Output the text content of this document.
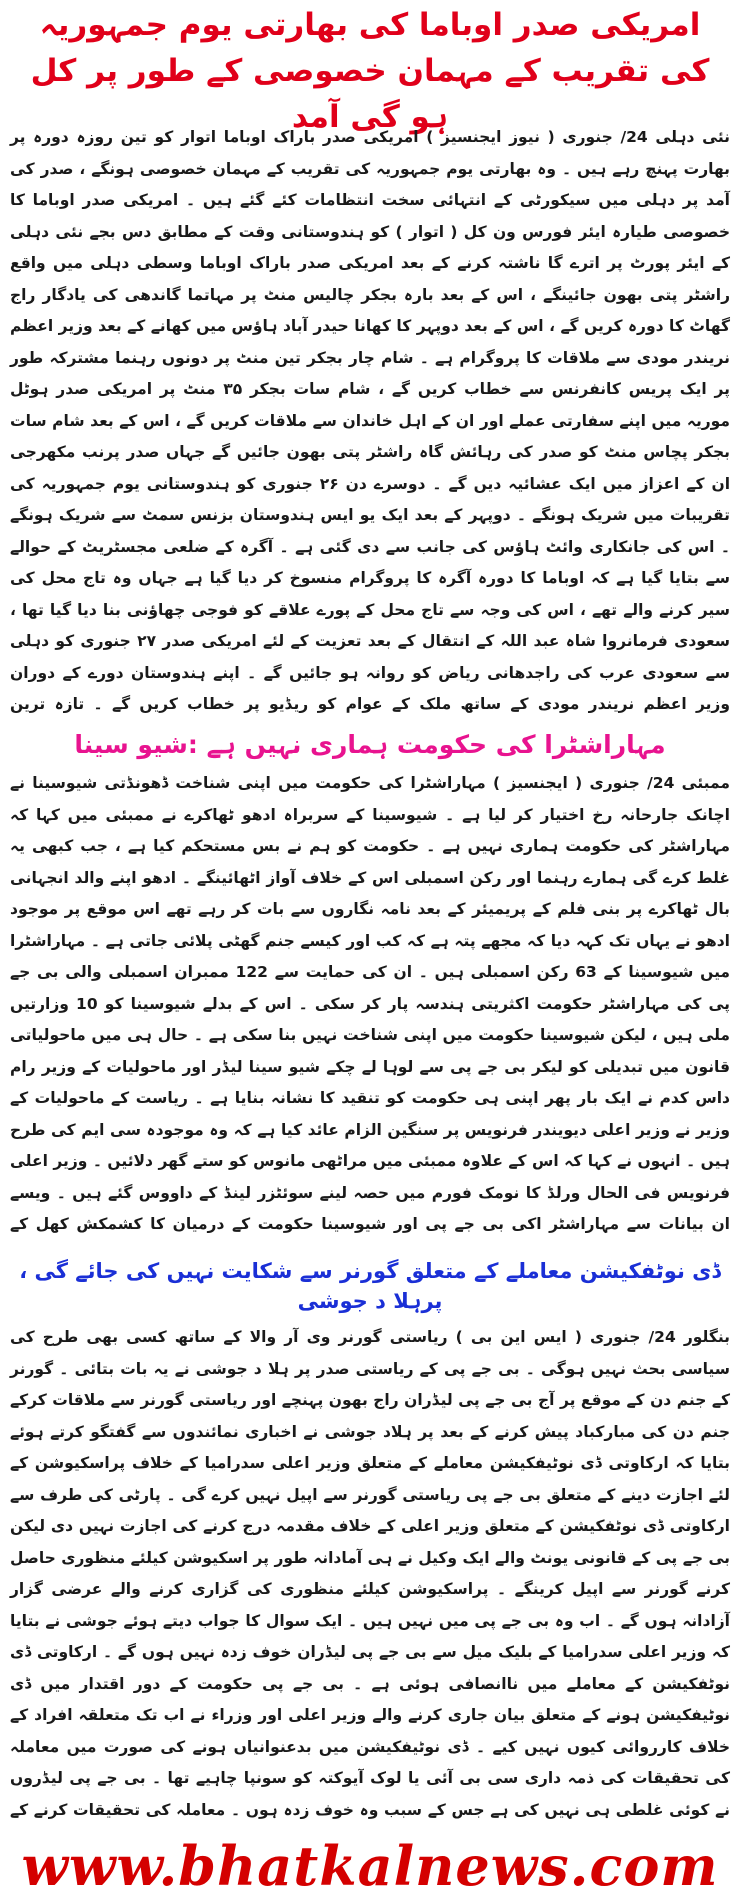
امریکی صدر اوباما کی بھارتی یوم جمہوریہ کی تقریب کے مہمان خصوصی کے طور پر کل ہو گی آمد

نئی دہلی 24/ جنوری ( نیوز ایجنسیز ) امریکی صدر باراک اوباما اتوار کو تین روزہ دورہ پر بھارت پہنچ رہے ہیں ۔ وہ بھارتی یوم جمہوریہ کی تقریب کے مہمان خصوصی ہونگے ، صدر کی آمد پر دہلی میں سیکورٹی کے انتہائی سخت انتظامات کئے گئے ہیں ۔ امریکی صدر اوباما کا خصوصی طیارہ ایئر فورس ون کل ( اتوار ) کو ہندوستانی وقت کے مطابق دس بجے نئی دہلی کے ایئر پورٹ پر اترے گا ناشتہ کرنے کے بعد امریکی صدر باراک اوباما وسطی دہلی میں واقع راشٹر پتی بھون جائینگے ، اس کے بعد بارہ بجکر چالیس منٹ پر مہاتما گاندھی کی یادگار راج گھاٹ کا دورہ کریں گے ، اس کے بعد دوپہر کا کھانا حیدر آباد ہاؤس میں کھانے کے بعد وزیر اعظم نریندر مودی سے ملاقات کا پروگرام ہے ۔ شام چار بجکر تین منٹ پر دونوں رہنما مشترکہ طور پر ایک پریس کانفرنس سے خطاب کریں گے ، شام سات بجکر ۳۵ منٹ پر امریکی صدر ہوٹل موریہ میں اپنے سفارتی عملے اور ان کے اہل خاندان سے ملاقات کریں گے ، اس کے بعد شام سات بجکر پچاس منٹ کو صدر کی رہائش گاہ راشٹر پتی بھون جائیں گے جہاں صدر پرنب مکھرجی ان کے اعزاز میں ایک عشائیہ دیں گے ۔ دوسرے دن ۲۶ جنوری کو ہندوستانی یوم جمہوریہ کی تقریبات میں شریک ہونگے ۔ دوپہر کے بعد ایک یو ایس ہندوستان بزنس سمٹ سے شریک ہونگے ۔ اس کی جانکاری وائٹ ہاؤس کی جانب سے دی گئی ہے ۔ آگرہ کے ضلعی مجسٹریٹ کے حوالے سے بتایا گیا ہے کہ اوباما کا دورہ آگرہ کا پروگرام منسوخ کر دیا گیا ہے جہاں وہ تاج محل کی سیر کرنے والے تھے ، اس کی وجہ سے تاج محل کے پورے علاقے کو فوجی چھاؤنی بنا دیا گیا تھا ، سعودی فرمانروا شاہ عبد اللہ کے انتقال کے بعد تعزیت کے لئے امریکی صدر ۲۷ جنوری کو دہلی سے سعودی عرب کی راجدھانی ریاض کو روانہ ہو جائیں گے ۔ اپنے ہندوستان دورے کے دوران وزیر اعظم نریندر مودی کے ساتھ ملک کے عوام کو ریڈیو پر خطاب کریں گے ۔ تازہ ترین

مہاراشٹرا کی حکومت ہماری نہیں ہے :شیو سینا

ممبئی 24/ جنوری ( ایجنسیز ) مہاراشٹرا کی حکومت میں اپنی شناخت ڈھونڈتی شیوسینا نے اچانک جارحانہ رخ اختیار کر لیا ہے ۔ شیوسینا کے سربراہ ادھو ٹھاکرے نے ممبئی میں کہا کہ مہاراشٹر کی حکومت ہماری نہیں ہے ۔ حکومت کو ہم نے بس مستحکم کیا ہے ، جب کبھی یہ غلط کرے گی ہمارے رہنما اور رکن اسمبلی اس کے خلاف آواز اٹھائینگے ۔ ادھو اپنے والد انجہانی بال ٹھاکرے پر بنی فلم کے پریمیئر کے بعد نامہ نگاروں سے بات کر رہے تھے اس موقع پر موجود ادھو نے یہاں تک کہہ دیا کہ مجھے پتہ ہے کہ کب اور کیسے جنم گھٹی پلائی جاتی ہے ۔ مہاراشٹرا میں شیوسینا کے 63 رکن اسمبلی ہیں ۔ ان کی حمایت سے 122 ممبران اسمبلی والی بی جے پی کی مہاراشٹر حکومت اکثریتی ہندسہ پار کر سکی ۔ اس کے بدلے شیوسینا کو 10 وزارتیں ملی ہیں ، لیکن شیوسینا حکومت میں اپنی شناخت نہیں بنا سکی ہے ۔ حال ہی میں ماحولیاتی قانون میں تبدیلی کو لیکر بی جے پی سے لوہا لے چکے شیو سینا لیڈر اور ماحولیات کے وزیر رام داس کدم نے ایک بار پھر اپنی ہی حکومت کو تنقید کا نشانہ بنایا ہے ۔ ریاست کے ماحولیات کے وزیر نے وزیر اعلی دیویندر فرنویس پر سنگین الزام عائد کیا ہے کہ وہ موجودہ سی ایم کی طرح ہیں ۔ انہوں نے کہا کہ اس کے علاوہ ممبئی میں مراٹھی مانوس کو ستے گھر دلائیں ۔ وزیر اعلی فرنویس فی الحال ورلڈ کا نومک فورم میں حصہ لینے سوئٹزر لینڈ کے داووس گئے ہیں ۔ ویسے ان بیانات سے مہاراشٹر اکی بی جے پی اور شیوسینا حکومت کے درمیان کا کشمکش کھل کے

ڈی نوٹفکیشن معاملے کے متعلق گورنر سے شکایت نہیں کی جائے گی ، پرہلا د جوشی

بنگلور 24/ جنوری ( ایس این بی ) ریاستی گورنر وی آر والا کے ساتھ کسی بھی طرح کی سیاسی بحث نہیں ہوگی ۔ بی جے پی کے ریاستی صدر پر ہلا د جوشی نے یہ بات بتائی ۔ گورنر کے جنم دن کے موقع پر آج بی جے پی لیڈران راج بھون پہنچے اور ریاستی گورنر سے ملاقات کرکے جنم دن کی مبارکباد پیش کرنے کے بعد پر ہلاد جوشی نے اخباری نمائندوں سے گفتگو کرتے ہوئے بتایا کہ ارکاوتی ڈی نوٹیفکیشن معاملے کے متعلق وزیر اعلی سدرامیا کے خلاف پراسکیوشن کے لئے اجازت دینے کے متعلق بی جے پی ریاستی گورنر سے اپیل نہیں کرے گی ۔ پارٹی کی طرف سے ارکاوتی ڈی نوٹفکیشن کے متعلق وزیر اعلی کے خلاف مقدمہ درج کرنے کی اجازت نہیں دی لیکن بی جے پی کے قانونی یونٹ والے ایک وکیل نے ہی آمادانہ طور پر اسکیوشن کیلئے منظوری حاصل کرنے گورنر سے اپیل کرینگے ۔ پراسکیوشن کیلئے منظوری کی گزاری کرنے والے عرضی گزار آزادانہ ہوں گے ۔ اب وہ بی جے پی میں نہیں ہیں ۔ ایک سوال کا جواب دیتے ہوئے جوشی نے بتایا کہ وزیر اعلی سدرامیا کے بلیک میل سے بی جے پی لیڈران خوف زدہ نہیں ہوں گے ۔ ارکاوتی ڈی نوٹفکیشن کے معاملے میں ناانصافی ہوئی ہے ۔ بی جے پی حکومت کے دور اقتدار میں ڈی نوٹیفکیشن ہونے کے متعلق بیان جاری کرنے والے وزیر اعلی اور وزراء نے اب تک متعلقہ افراد کے خلاف کارروائی کیوں نہیں کیے ۔ ڈی نوٹیفکیشن میں بدعنوانیاں ہونے کی صورت میں معاملہ کی تحقیقات کی ذمہ داری سی بی آئی یا لوک آیوکتہ کو سونپا چاہیے تھا ۔ بی جے پی لیڈروں نے کوئی غلطی ہی نہیں کی ہے جس کے سبب وہ خوف زدہ ہوں ۔ معاملہ کی تحقیقات کرنے کے

www.bhatkalnews.com
